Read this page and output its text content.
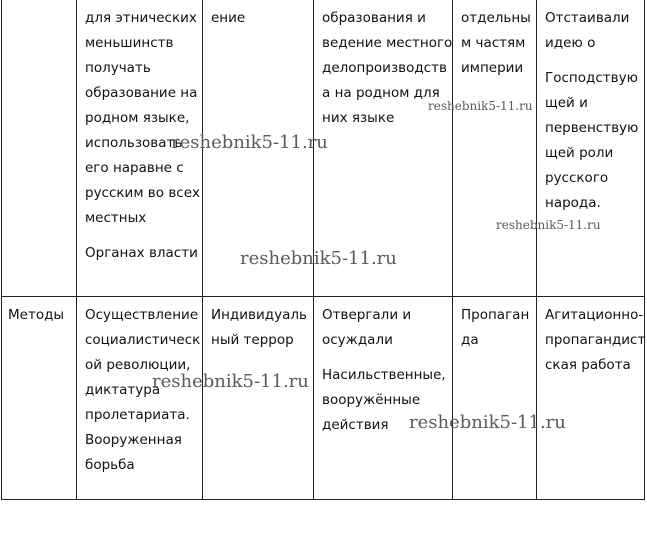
для этнических
меньшинств
получать
образование на
родном языке,
использовать
его наравне с
русским во всех
местных

Органах власти

ение	образования и
ведение местного
делопроизводств
а на родном для
них языке
отдельны
м частям
империи

Отстаивали
идею о

Господствую
щей и
первенствую
щей роли
русского
народа.

Методы Осуществление
социалистическ
ой революции,
диктатура
пролетариата.
Вооруженная
борьба
Индивидуаль
ный террор

Отвергали и
осуждали

Насильственные,
вооружённые
действия

Пропаган
да
Агитационно-
пропагандист
ская работа
reshebnik5-11.ru
reshebnik5-11.ru
reshebnik5-11.ru
reshebnik5-11.ru
reshebnik5-11.ru
reshebnik5-11.ru
